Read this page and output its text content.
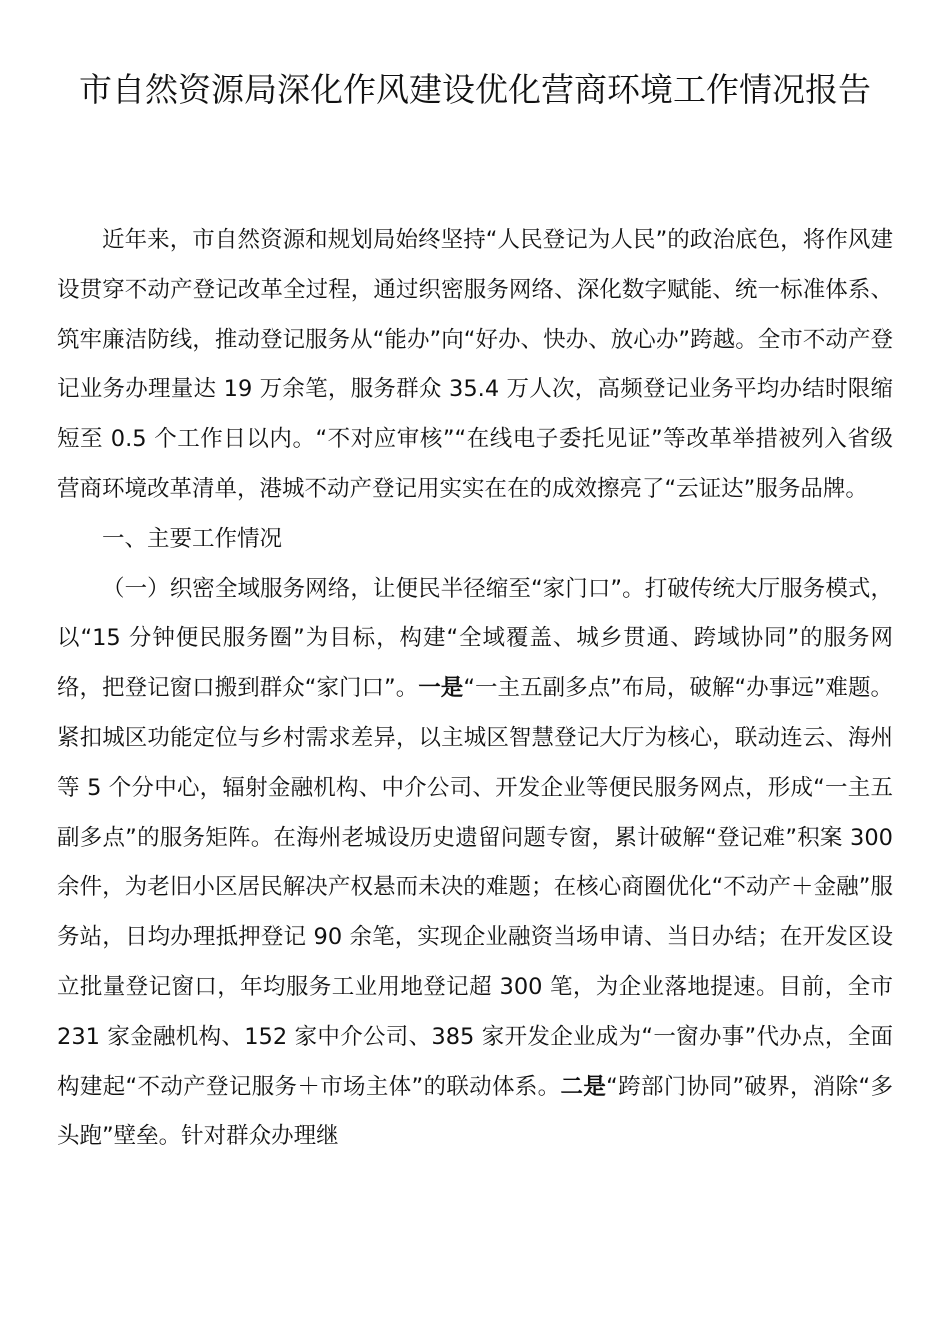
市自然资源局深化作风建设优化营商环境工作情况报告

近年来，市自然资源和规划局始终坚持“人民登记为人民”的政治底色，将作风建设贯穿不动产登记改革全过程，通过织密服务网络、深化数字赋能、统一标准体系、筑牢廉洁防线，推动登记服务从“能办”向“好办、快办、放心办”跨越。全市不动产登记业务办理量达 19 万余笔，服务群众 35.4 万人次，高频登记业务平均办结时限缩短至 0.5 个工作日以内。“不对应审核”“在线电子委托见证”等改革举措被列入省级营商环境改革清单，港城不动产登记用实实在在的成效擦亮了“云证达”服务品牌。

一、主要工作情况

（一）织密全域服务网络，让便民半径缩至“家门口”。打破传统大厅服务模式，以“15 分钟便民服务圈”为目标，构建“全域覆盖、城乡贯通、跨域协同”的服务网络，把登记窗口搬到群众“家门口”。一是“一主五副多点”布局，破解“办事远”难题。紧扣城区功能定位与乡村需求差异，以主城区智慧登记大厅为核心，联动连云、海州等 5 个分中心，辐射金融机构、中介公司、开发企业等便民服务网点，形成“一主五副多点”的服务矩阵。在海州老城设历史遗留问题专窗，累计破解“登记难”积案 300 余件，为老旧小区居民解决产权悬而未决的难题；在核心商圈优化“不动产＋金融”服务站，日均办理抵押登记 90 余笔，实现企业融资当场申请、当日办结；在开发区设立批量登记窗口，年均服务工业用地登记超 300 笔，为企业落地提速。目前，全市 231 家金融机构、152 家中介公司、385 家开发企业成为“一窗办事”代办点，全面构建起“不动产登记服务＋市场主体”的联动体系。二是“跨部门协同”破界，消除“多头跑”壁垒。针对群众办理继
